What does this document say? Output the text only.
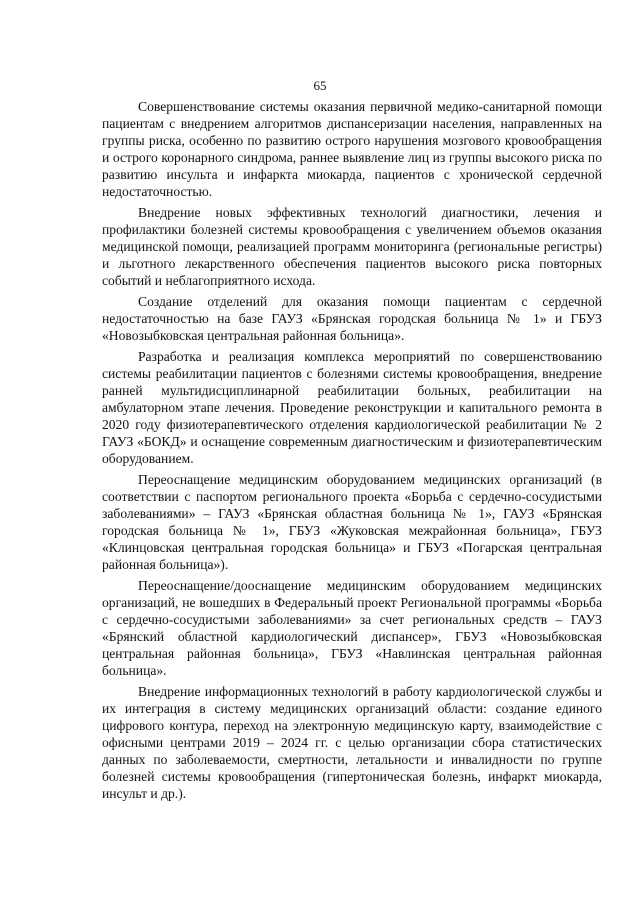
65

Совершенствование системы оказания первичной медико-санитарной помощи пациентам с внедрением алгоритмов диспансеризации населения, направленных на группы риска, особенно по развитию острого нарушения мозгового кровообращения и острого коронарного синдрома, раннее выявление лиц из группы высокого риска по развитию инсульта и инфаркта миокарда, пациентов с хронической сердечной недостаточностью.

Внедрение новых эффективных технологий диагностики, лечения и профилактики болезней системы кровообращения с увеличением объемов оказания медицинской помощи, реализацией программ мониторинга (региональные регистры) и льготного лекарственного обеспечения пациентов высокого риска повторных событий и неблагоприятного исхода.

Создание отделений для оказания помощи пациентам с сердечной недостаточностью на базе ГАУЗ «Брянская городская больница № 1» и ГБУЗ «Новозыбковская центральная районная больница».

Разработка и реализация комплекса мероприятий по совершенствованию системы реабилитации пациентов с болезнями системы кровообращения, внедрение ранней мультидисциплинарной реабилитации больных, реабилитации на амбулаторном этапе лечения. Проведение реконструкции и капитального ремонта в 2020 году физиотерапевтического отделения кардиологической реабилитации № 2 ГАУЗ «БОКД» и оснащение современным диагностическим и физиотерапевтическим оборудованием.

Переоснащение медицинским оборудованием медицинских организаций (в соответствии с паспортом регионального проекта «Борьба с сердечно-сосудистыми заболеваниями» – ГАУЗ «Брянская областная больница № 1», ГАУЗ «Брянская городская больница № 1», ГБУЗ «Жуковская межрайонная больница», ГБУЗ «Клинцовская центральная городская больница» и ГБУЗ «Погарская центральная районная больница»).

Переоснащение/дооснащение медицинским оборудованием медицинских организаций, не вошедших в Федеральный проект Региональной программы «Борьба с сердечно-сосудистыми заболеваниями» за счет региональных средств – ГАУЗ «Брянский областной кардиологический диспансер», ГБУЗ «Новозыбковская центральная районная больница», ГБУЗ «Навлинская центральная районная больница».

Внедрение информационных технологий в работу кардиологической службы и их интеграция в систему медицинских организаций области: создание единого цифрового контура, переход на электронную медицинскую карту, взаимодействие с офисными центрами 2019 – 2024 гг. с целью организации сбора статистических данных по заболеваемости, смертности, летальности и инвалидности по группе болезней системы кровообращения (гипертоническая болезнь, инфаркт миокарда, инсульт и др.).
